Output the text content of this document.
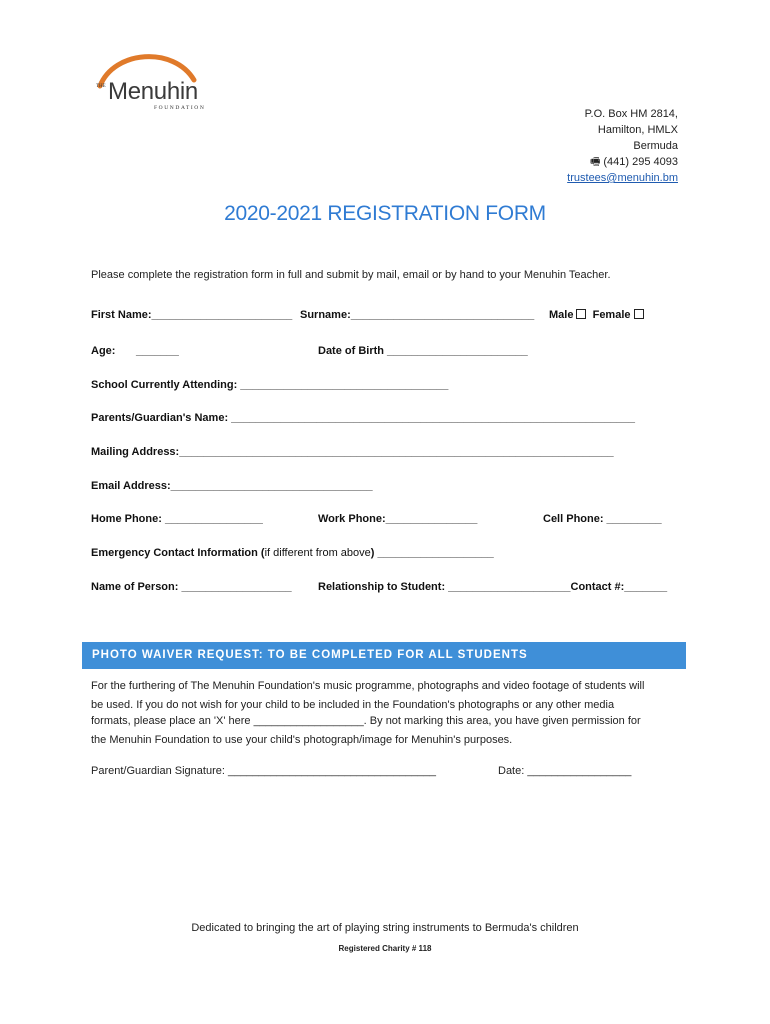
THE Menuhin
FOUNDATION	P.O. Box HM 2814,
Hamilton, HMLX
Bermuda
🖷 (441) 295 4093
trustees@menuhin.bm
2020-2021 REGISTRATION FORM
Please complete the registration form in full and submit by mail, email or by hand to your Menuhin Teacher.
First Name:_______________________ Surname:______________________________ Male Female
Age: _______	Date of Birth _______________________
School Currently Attending: __________________________________
Parents/Guardian's Name: __________________________________________________________________
Mailing Address:_______________________________________________________________________
Email Address:_________________________________
Home Phone: ________________	Work Phone:_______________	Cell Phone: _________
Emergency Contact Information (if different from above) ___________________
Name of Person: __________________ Relationship to Student: ____________________Contact #:_______
PHOTO WAIVER REQUEST: TO BE COMPLETED FOR ALL STUDENTS
For the furthering of The Menuhin Foundation's music programme, photographs and video footage of students will
be used. If you do not wish for your child to be included in the Foundation's photographs or any other media
formats, please place an 'X' here __________________. By not marking this area, you have given permission for
the Menuhin Foundation to use your child's photograph/image for Menuhin's purposes.
Parent/Guardian Signature: __________________________________	Date: _________________
Dedicated to bringing the art of playing string instruments to Bermuda's children
Registered Charity # 118
